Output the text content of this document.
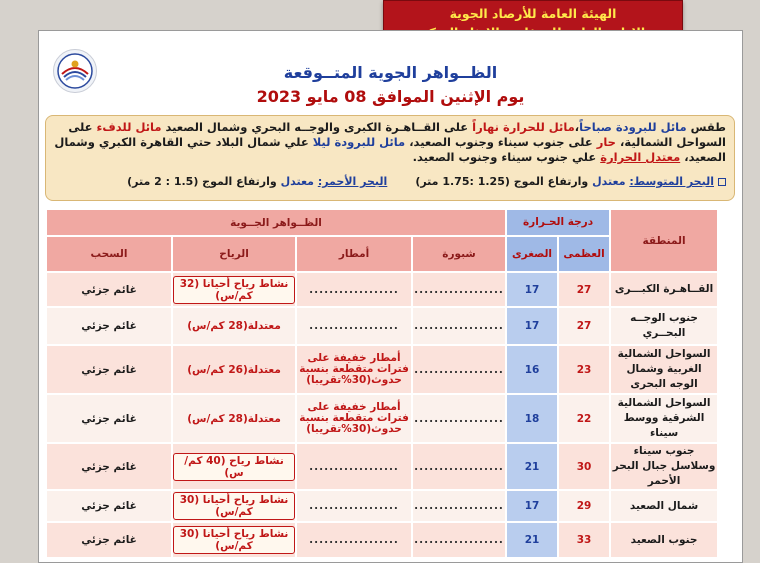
الهيئة العامة للأرصاد الجوية
الظــواهر الجوية المتــوقعة
يوم الإثنين الموافق 08 مايو 2023
طقس مائل للبرودة صباحاً،مائل للحرارة نهاراً على القــاهـرة الكبرى والوجــه البحري وشمال الصعيد مائل للدفء على السواحل الشمالية، حار على جنوب سيناء وجنوب الصعيد، مائل للبرودة ليلا علي شمال البلاد حتي القاهرة الكبري وشمال الصعيد، معتدل الحرارة علي جنوب سيناء وجنوب الصعيد.
البحر المتوسط: معتدل وارتفاع الموج (1.25 :1.75 متر)البحر الأحمر: معتدل وارتفاع الموج (1.5 : 2 متر)
المنطقة	درجة الحـرارة		الظــواهر الجــوية			
	العظمى	الصغرى	شبورة	أمطار	الرياح	السحب
القــاهـرة الكبـــرى	27	17	..................	..................	نشاط رياح أحيانا (32 كم/س)	غائم جزئي
جنوب الوجــه البحــري	27	17	..................	..................	معتدلة(28 كم/س)	غائم جزئي
السواحل الشمالية الغربية وشمال الوجه البحرى	23	16	..................	أمطار خفيفة على فترات متقطعة بنسبة حدوث(30%تقريبا)	معتدلة(26 كم/س)	غائم جزئي
السواحل الشمالية الشرقية ووسط سيناء	22	18	..................	أمطار خفيفة على فترات متقطعة بنسبة حدوث(30%تقريبا)	معتدلة(28 كم/س)	غائم جزئي
جنوب سيناء وسلاسل جبال البحر الأحمر	30	21	..................	..................	نشاط رياح (40 كم/س)	غائم جزئي
شمال الصعيد	29	17	..................	..................	نشاط رياح أحيانا (30 كم/س)	غائم جزئي
جنوب الصعيد	33	21	..................	..................	نشاط رياح أحيانا (30 كم/س)	غائم جزئي
